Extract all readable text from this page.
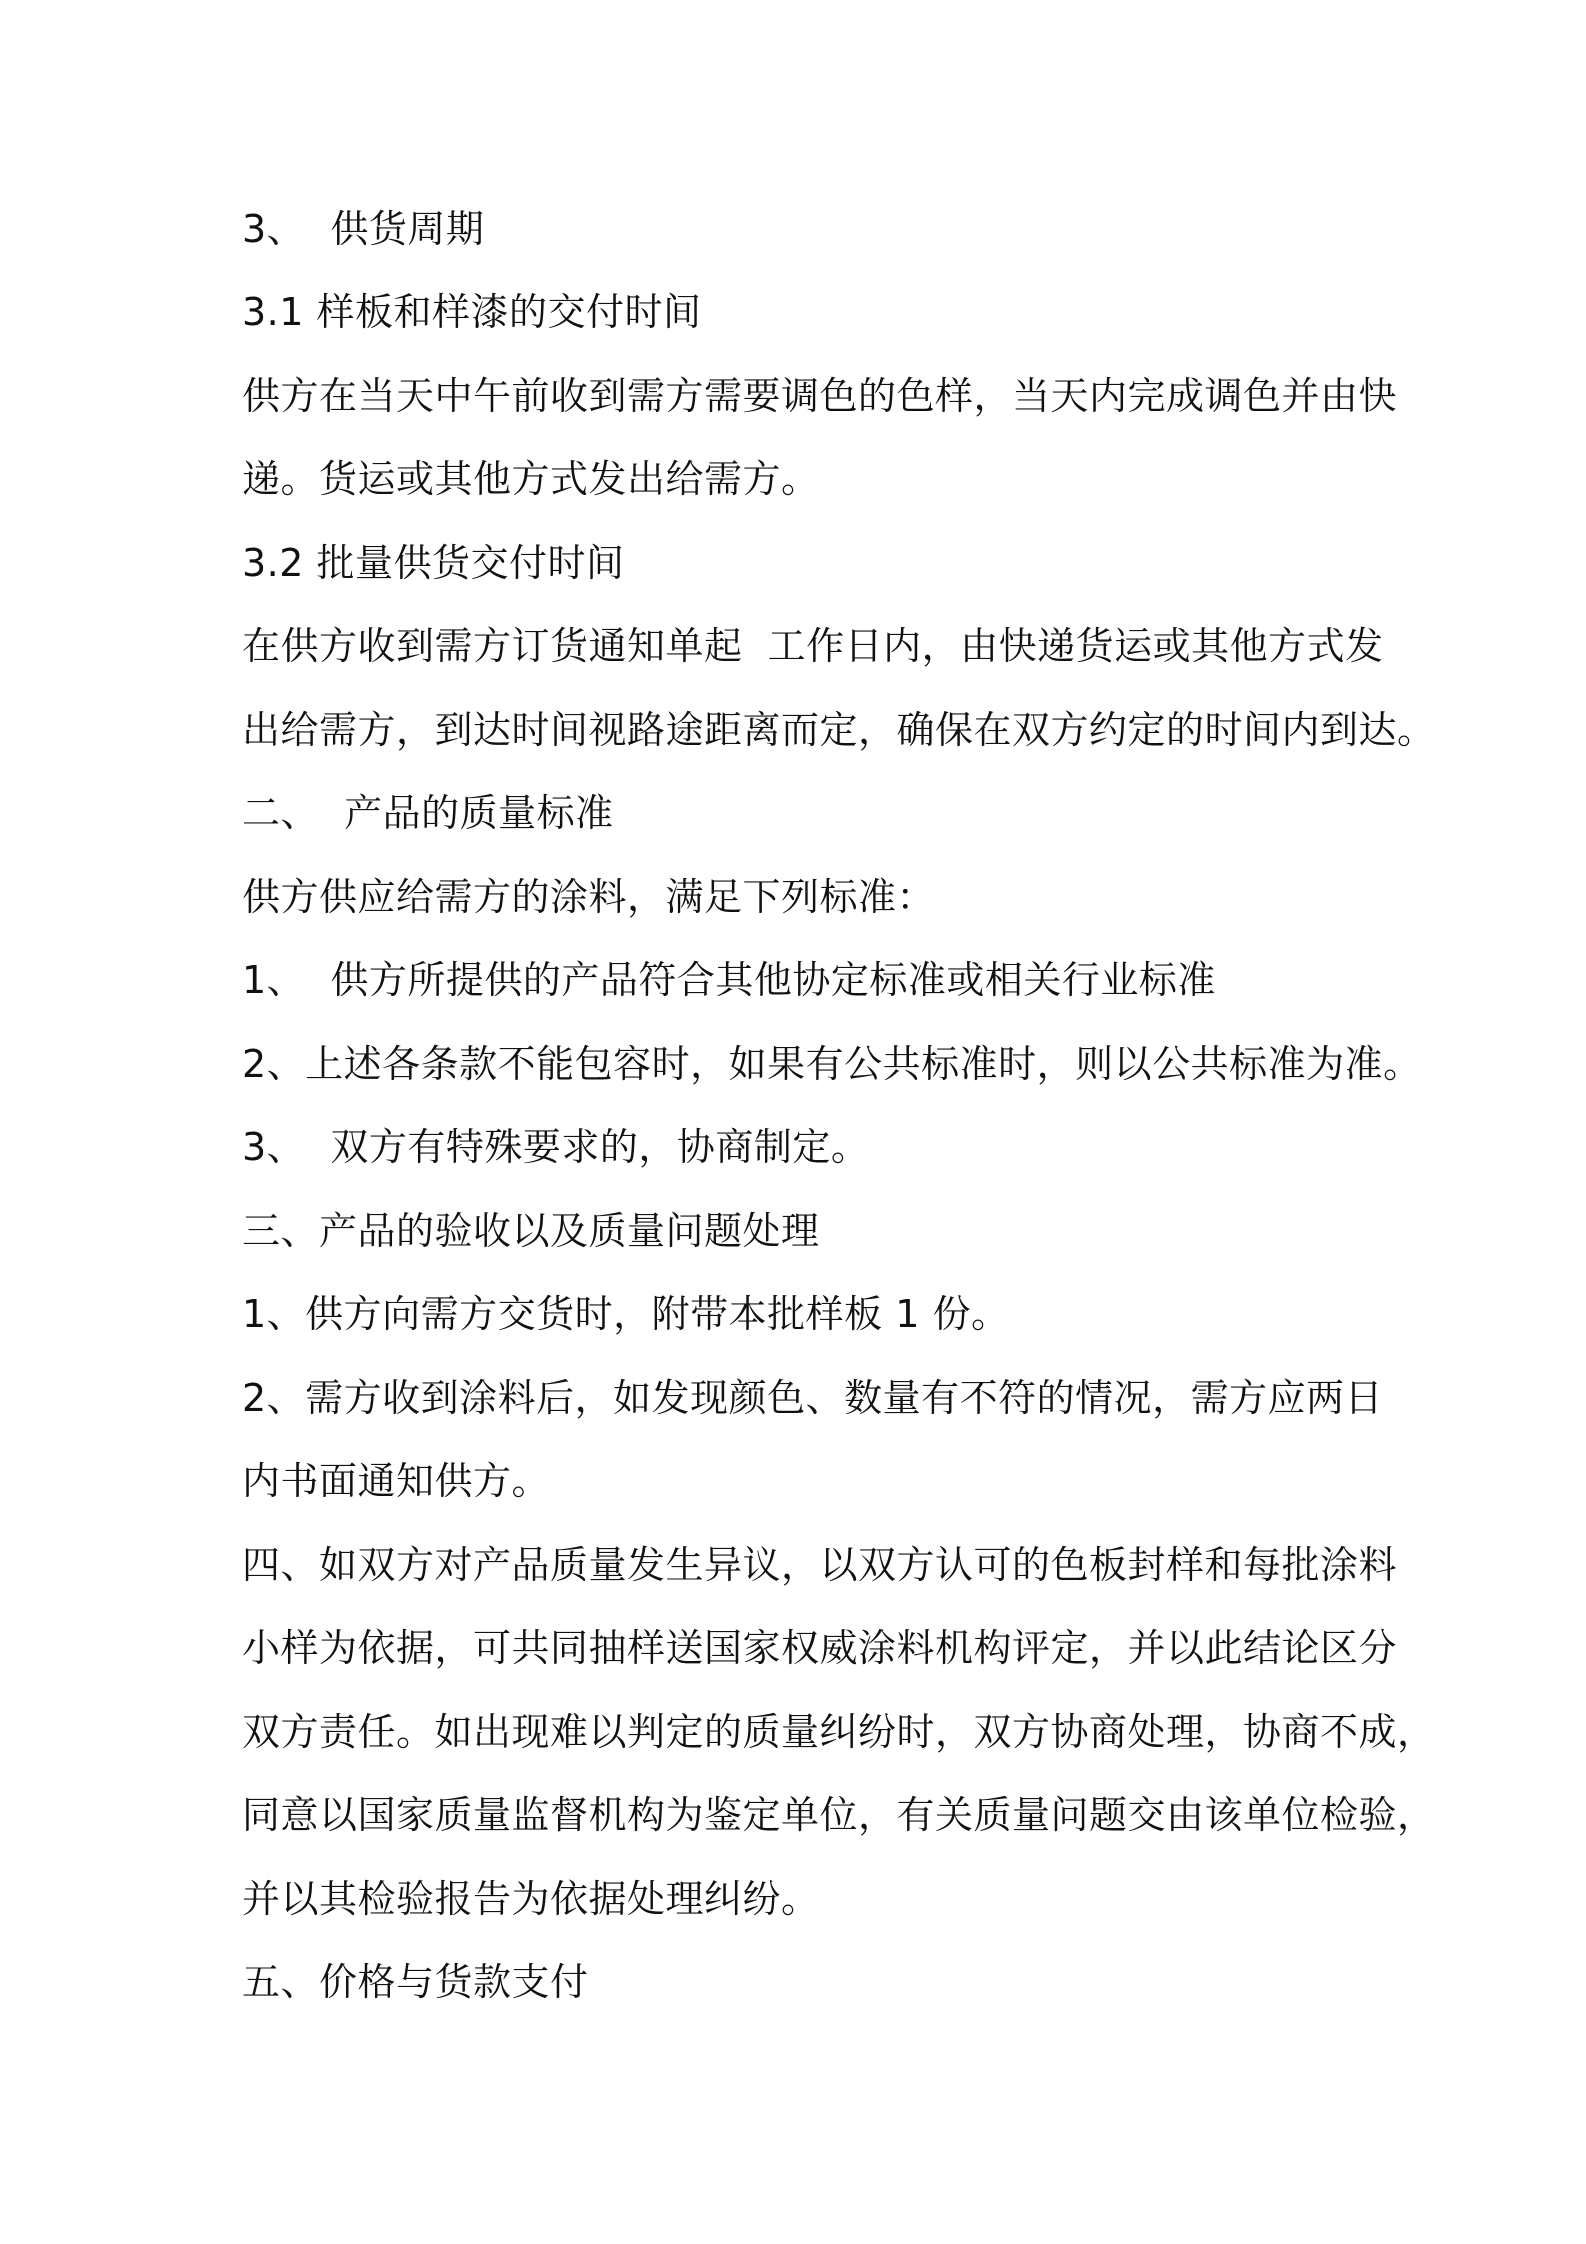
3、  供货周期
3.1 样板和样漆的交付时间
供方在当天中午前收到需方需要调色的色样，当天内完成调色并由快
递。货运或其他方式发出给需方。
3.2 批量供货交付时间
在供方收到需方订货通知单起  工作日内，由快递货运或其他方式发
出给需方，到达时间视路途距离而定，确保在双方约定的时间内到达。
二、  产品的质量标准
供方供应给需方的涂料，满足下列标准：
1、  供方所提供的产品符合其他协定标准或相关行业标准
2、上述各条款不能包容时，如果有公共标准时，则以公共标准为准。
3、  双方有特殊要求的，协商制定。
三、产品的验收以及质量问题处理
1、供方向需方交货时，附带本批样板 1 份。
2、需方收到涂料后，如发现颜色、数量有不符的情况，需方应两日
内书面通知供方。
四、如双方对产品质量发生异议，以双方认可的色板封样和每批涂料
小样为依据，可共同抽样送国家权威涂料机构评定，并以此结论区分
双方责任。如出现难以判定的质量纠纷时，双方协商处理，协商不成，
同意以国家质量监督机构为鉴定单位，有关质量问题交由该单位检验，
并以其检验报告为依据处理纠纷。
五、价格与货款支付
